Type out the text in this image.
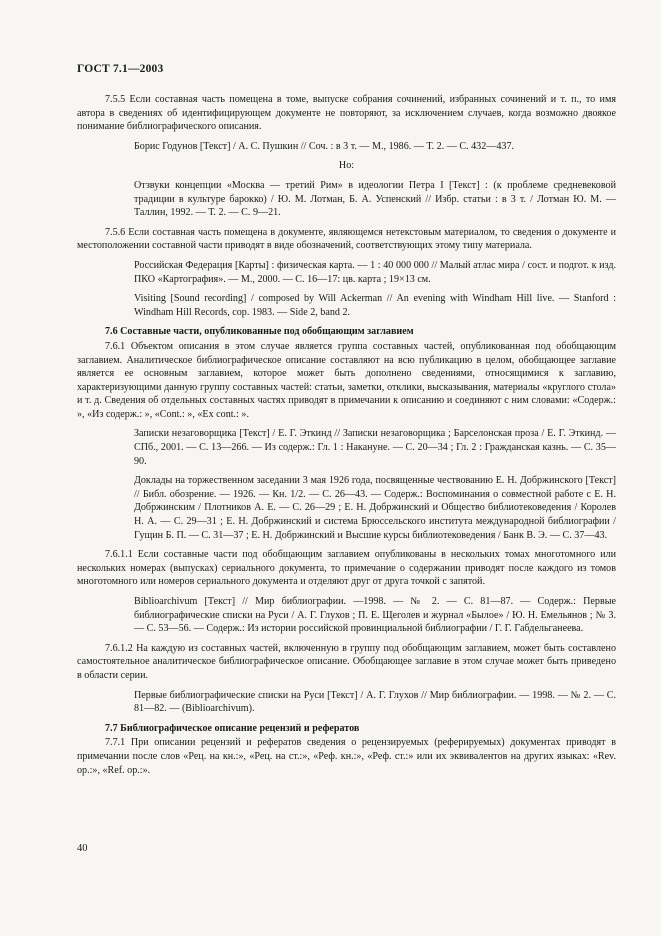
ГОСТ 7.1—2003

7.5.5 Если составная часть помещена в томе, выпуске собрания сочинений, избранных сочинений и т. п., то имя автора в сведениях об идентифицирующем документе не повторяют, за исключением случаев, когда возможно двоякое понимание библиографического описания.

Борис Годунов [Текст] / А. С. Пушкин // Соч. : в 3 т. — М., 1986. — Т. 2. — С. 432—437.

Но:

Отзвуки концепции «Москва — третий Рим» в идеологии Петра I [Текст] : (к проблеме средневековой традиции в культуре барокко) / Ю. М. Лотман, Б. А. Успенский // Избр. статьи : в 3 т. / Лотман Ю. М. — Таллин, 1992. — Т. 2. — С. 9—21.

7.5.6 Если составная часть помещена в документе, являющемся нетекстовым материалом, то сведения о документе и местоположении составной части приводят в виде обозначений, соответствующих этому типу материала.

Российская Федерация [Карты] : физическая карта. — 1 : 40 000 000 // Малый атлас мира / сост. и подгот. к изд. ПКО «Картография». — М., 2000. — С. 16—17: цв. карта ; 19×13 см.

Visiting [Sound recording] / composed by Will Ackerman // An evening with Windham Hill live. — Stanford : Windham Hill Records, cop. 1983. — Side 2, band 2.

7.6 Составные части, опубликованные под обобщающим заглавием

7.6.1 Объектом описания в этом случае является группа составных частей, опубликованная под обобщающим заглавием. Аналитическое библиографическое описание составляют на всю публикацию в целом, обобщающее заглавие является ее основным заглавием, которое может быть дополнено сведениями, относящимися к заглавию, характеризующими данную группу составных частей: статьи, заметки, отклики, высказывания, материалы «круглого стола» и т. д. Сведения об отдельных составных частях приводят в примечании к описанию и соединяют с ним словами: «Содерж.: », «Из содерж.: », «Cont.: », «Ex cont.: ».

Записки незаговорщика [Текст] / Е. Г. Эткинд // Записки незаговорщика ; Барселонская проза / Е. Г. Эткинд. — СПб., 2001. — С. 13—266. — Из содерж.: Гл. 1 : Накануне. — С. 20—34 ; Гл. 2 : Гражданская казнь. — С. 35—90.

Доклады на торжественном заседании 3 мая 1926 года, посвященные чествованию Е. Н. Добржинского [Текст] // Библ. обозрение. — 1926. — Кн. 1/2. — С. 26—43. — Содерж.: Воспоминания о совместной работе с Е. Н. Добржинским / Плотников А. Е. — С. 26—29 ; Е. Н. Добржинский и Общество библиотековедения / Королев Н. А. — С. 29—31 ; Е. Н. Добржинский и система Брюссельского института международной библиографии / Гущин Б. П. — С. 31—37 ; Е. Н. Добржинский и Высшие курсы библиотековедения / Банк В. Э. — С. 37—43.

7.6.1.1 Если составные части под обобщающим заглавием опубликованы в нескольких томах многотомного или нескольких номерах (выпусках) сериального документа, то примечание о содержании приводят после каждого из томов многотомного или номеров сериального документа и отделяют друг от друга точкой с запятой.

Bibliоarchivum [Текст] // Мир библиографии. —1998. — № 2. — С. 81—87. — Содерж.: Первые библиографические списки на Руси / А. Г. Глухов ; П. Е. Щеголев и журнал «Былое» / Ю. Н. Емельянов ; № 3. — С. 53—56. — Содерж.: Из истории российской провинциальной библиографии / Г. Г. Габдельганеева.

7.6.1.2 На каждую из составных частей, включенную в группу под обобщающим заглавием, может быть составлено самостоятельное аналитическое библиографическое описание. Обобщающее заглавие в этом случае может быть приведено в области серии.

Первые библиографические списки на Руси [Текст] / А. Г. Глухов // Мир библиографии. — 1998. — № 2. — С. 81—82. — (Bibliоarchivum).

7.7 Библиографическое описание рецензий и рефератов

7.7.1 При описании рецензий и рефератов сведения о рецензируемых (реферируемых) документах приводят в примечании после слов «Рец. на кн.:», «Рец. на ст.:», «Реф. кн.:», «Реф. ст.:» или их эквивалентов на других языках: «Rev. op.:», «Ref. op.:».

40
